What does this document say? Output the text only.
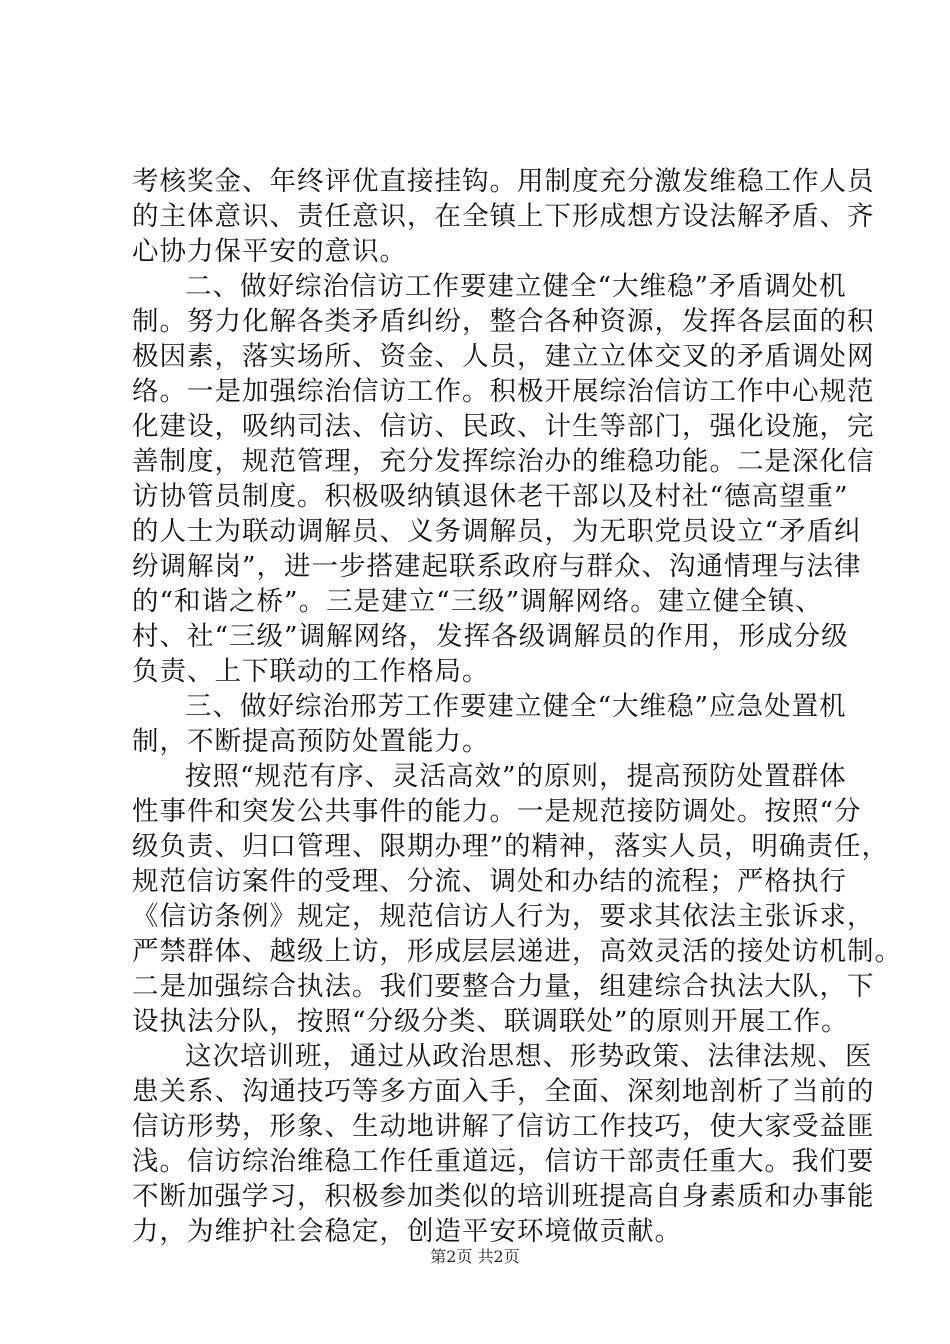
考核奖金、年终评优直接挂钩。用制度充分激发维稳工作人员
的主体意识、责任意识，在全镇上下形成想方设法解矛盾、齐
心协力保平安的意识。
二、做好综治信访工作要建立健全“大维稳”矛盾调处机
制。努力化解各类矛盾纠纷，整合各种资源，发挥各层面的积
极因素，落实场所、资金、人员，建立立体交叉的矛盾调处网
络。一是加强综治信访工作。积极开展综治信访工作中心规范
化建设，吸纳司法、信访、民政、计生等部门，强化设施，完
善制度，规范管理，充分发挥综治办的维稳功能。二是深化信
访协管员制度。积极吸纳镇退休老干部以及村社“德高望重”
的人士为联动调解员、义务调解员，为无职党员设立“矛盾纠
纷调解岗”，进一步搭建起联系政府与群众、沟通情理与法律
的“和谐之桥”。三是建立“三级”调解网络。建立健全镇、
村、社“三级”调解网络，发挥各级调解员的作用，形成分级
负责、上下联动的工作格局。
三、做好综治邢芳工作要建立健全“大维稳”应急处置机
制，不断提高预防处置能力。
按照“规范有序、灵活高效”的原则，提高预防处置群体
性事件和突发公共事件的能力。一是规范接防调处。按照“分
级负责、归口管理、限期办理”的精神，落实人员，明确责任，
规范信访案件的受理、分流、调处和办结的流程；严格执行
《信访条例》规定，规范信访人行为，要求其依法主张诉求，
严禁群体、越级上访，形成层层递进，高效灵活的接处访机制。
二是加强综合执法。我们要整合力量，组建综合执法大队，下
设执法分队，按照“分级分类、联调联处”的原则开展工作。
这次培训班，通过从政治思想、形势政策、法律法规、医
患关系、沟通技巧等多方面入手，全面、深刻地剖析了当前的
信访形势，形象、生动地讲解了信访工作技巧，使大家受益匪
浅。信访综治维稳工作任重道远，信访干部责任重大。我们要
不断加强学习，积极参加类似的培训班提高自身素质和办事能
力，为维护社会稳定，创造平安环境做贡献。
第2页 共2页
